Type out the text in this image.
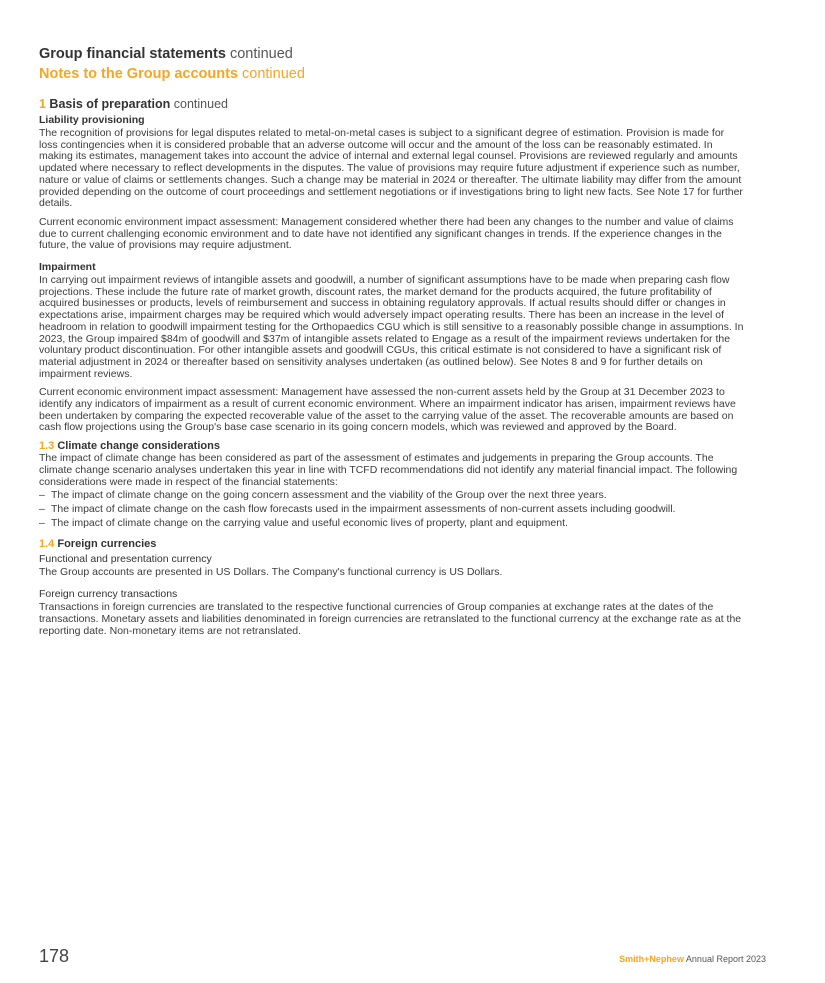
Group financial statements continued
Notes to the Group accounts continued
1 Basis of preparation continued
Liability provisioning

The recognition of provisions for legal disputes related to metal-on-metal cases is subject to a significant degree of estimation. Provision is made for loss contingencies when it is considered probable that an adverse outcome will occur and the amount of the loss can be reasonably estimated. In making its estimates, management takes into account the advice of internal and external legal counsel. Provisions are reviewed regularly and amounts updated where necessary to reflect developments in the disputes. The value of provisions may require future adjustment if experience such as number, nature or value of claims or settlements changes. Such a change may be material in 2024 or thereafter. The ultimate liability may differ from the amount provided depending on the outcome of court proceedings and settlement negotiations or if investigations bring to light new facts. See Note 17 for further details.

Current economic environment impact assessment: Management considered whether there had been any changes to the number and value of claims due to current challenging economic environment and to date have not identified any significant changes in trends. If the experience changes in the future, the value of provisions may require adjustment.

Impairment

In carrying out impairment reviews of intangible assets and goodwill, a number of significant assumptions have to be made when preparing cash flow projections. These include the future rate of market growth, discount rates, the market demand for the products acquired, the future profitability of acquired businesses or products, levels of reimbursement and success in obtaining regulatory approvals. If actual results should differ or changes in expectations arise, impairment charges may be required which would adversely impact operating results. There has been an increase in the level of headroom in relation to goodwill impairment testing for the Orthopaedics CGU which is still sensitive to a reasonably possible change in assumptions. In 2023, the Group impaired $84m of goodwill and $37m of intangible assets related to Engage as a result of the impairment reviews undertaken for the voluntary product discontinuation. For other intangible assets and goodwill CGUs, this critical estimate is not considered to have a significant risk of material adjustment in 2024 or thereafter based on sensitivity analyses undertaken (as outlined below). See Notes 8 and 9 for further details on impairment reviews.

Current economic environment impact assessment: Management have assessed the non-current assets held by the Group at 31 December 2023 to identify any indicators of impairment as a result of current economic environment. Where an impairment indicator has arisen, impairment reviews have been undertaken by comparing the expected recoverable value of the asset to the carrying value of the asset. The recoverable amounts are based on cash flow projections using the Group's base case scenario in its going concern models, which was reviewed and approved by the Board.

1.3 Climate change considerations

The impact of climate change has been considered as part of the assessment of estimates and judgements in preparing the Group accounts. The climate change scenario analyses undertaken this year in line with TCFD recommendations did not identify any material financial impact. The following considerations were made in respect of the financial statements:

– The impact of climate change on the going concern assessment and the viability of the Group over the next three years.
– The impact of climate change on the cash flow forecasts used in the impairment assessments of non-current assets including goodwill.
– The impact of climate change on the carrying value and useful economic lives of property, plant and equipment.
1.4 Foreign currencies
Functional and presentation currency

The Group accounts are presented in US Dollars. The Company's functional currency is US Dollars.

Foreign currency transactions

Transactions in foreign currencies are translated to the respective functional currencies of Group companies at exchange rates at the dates of the transactions. Monetary assets and liabilities denominated in foreign currencies are retranslated to the functional currency at the exchange rate as at the reporting date. Non-monetary items are not retranslated.

178	Smith+Nephew Annual Report 2023
